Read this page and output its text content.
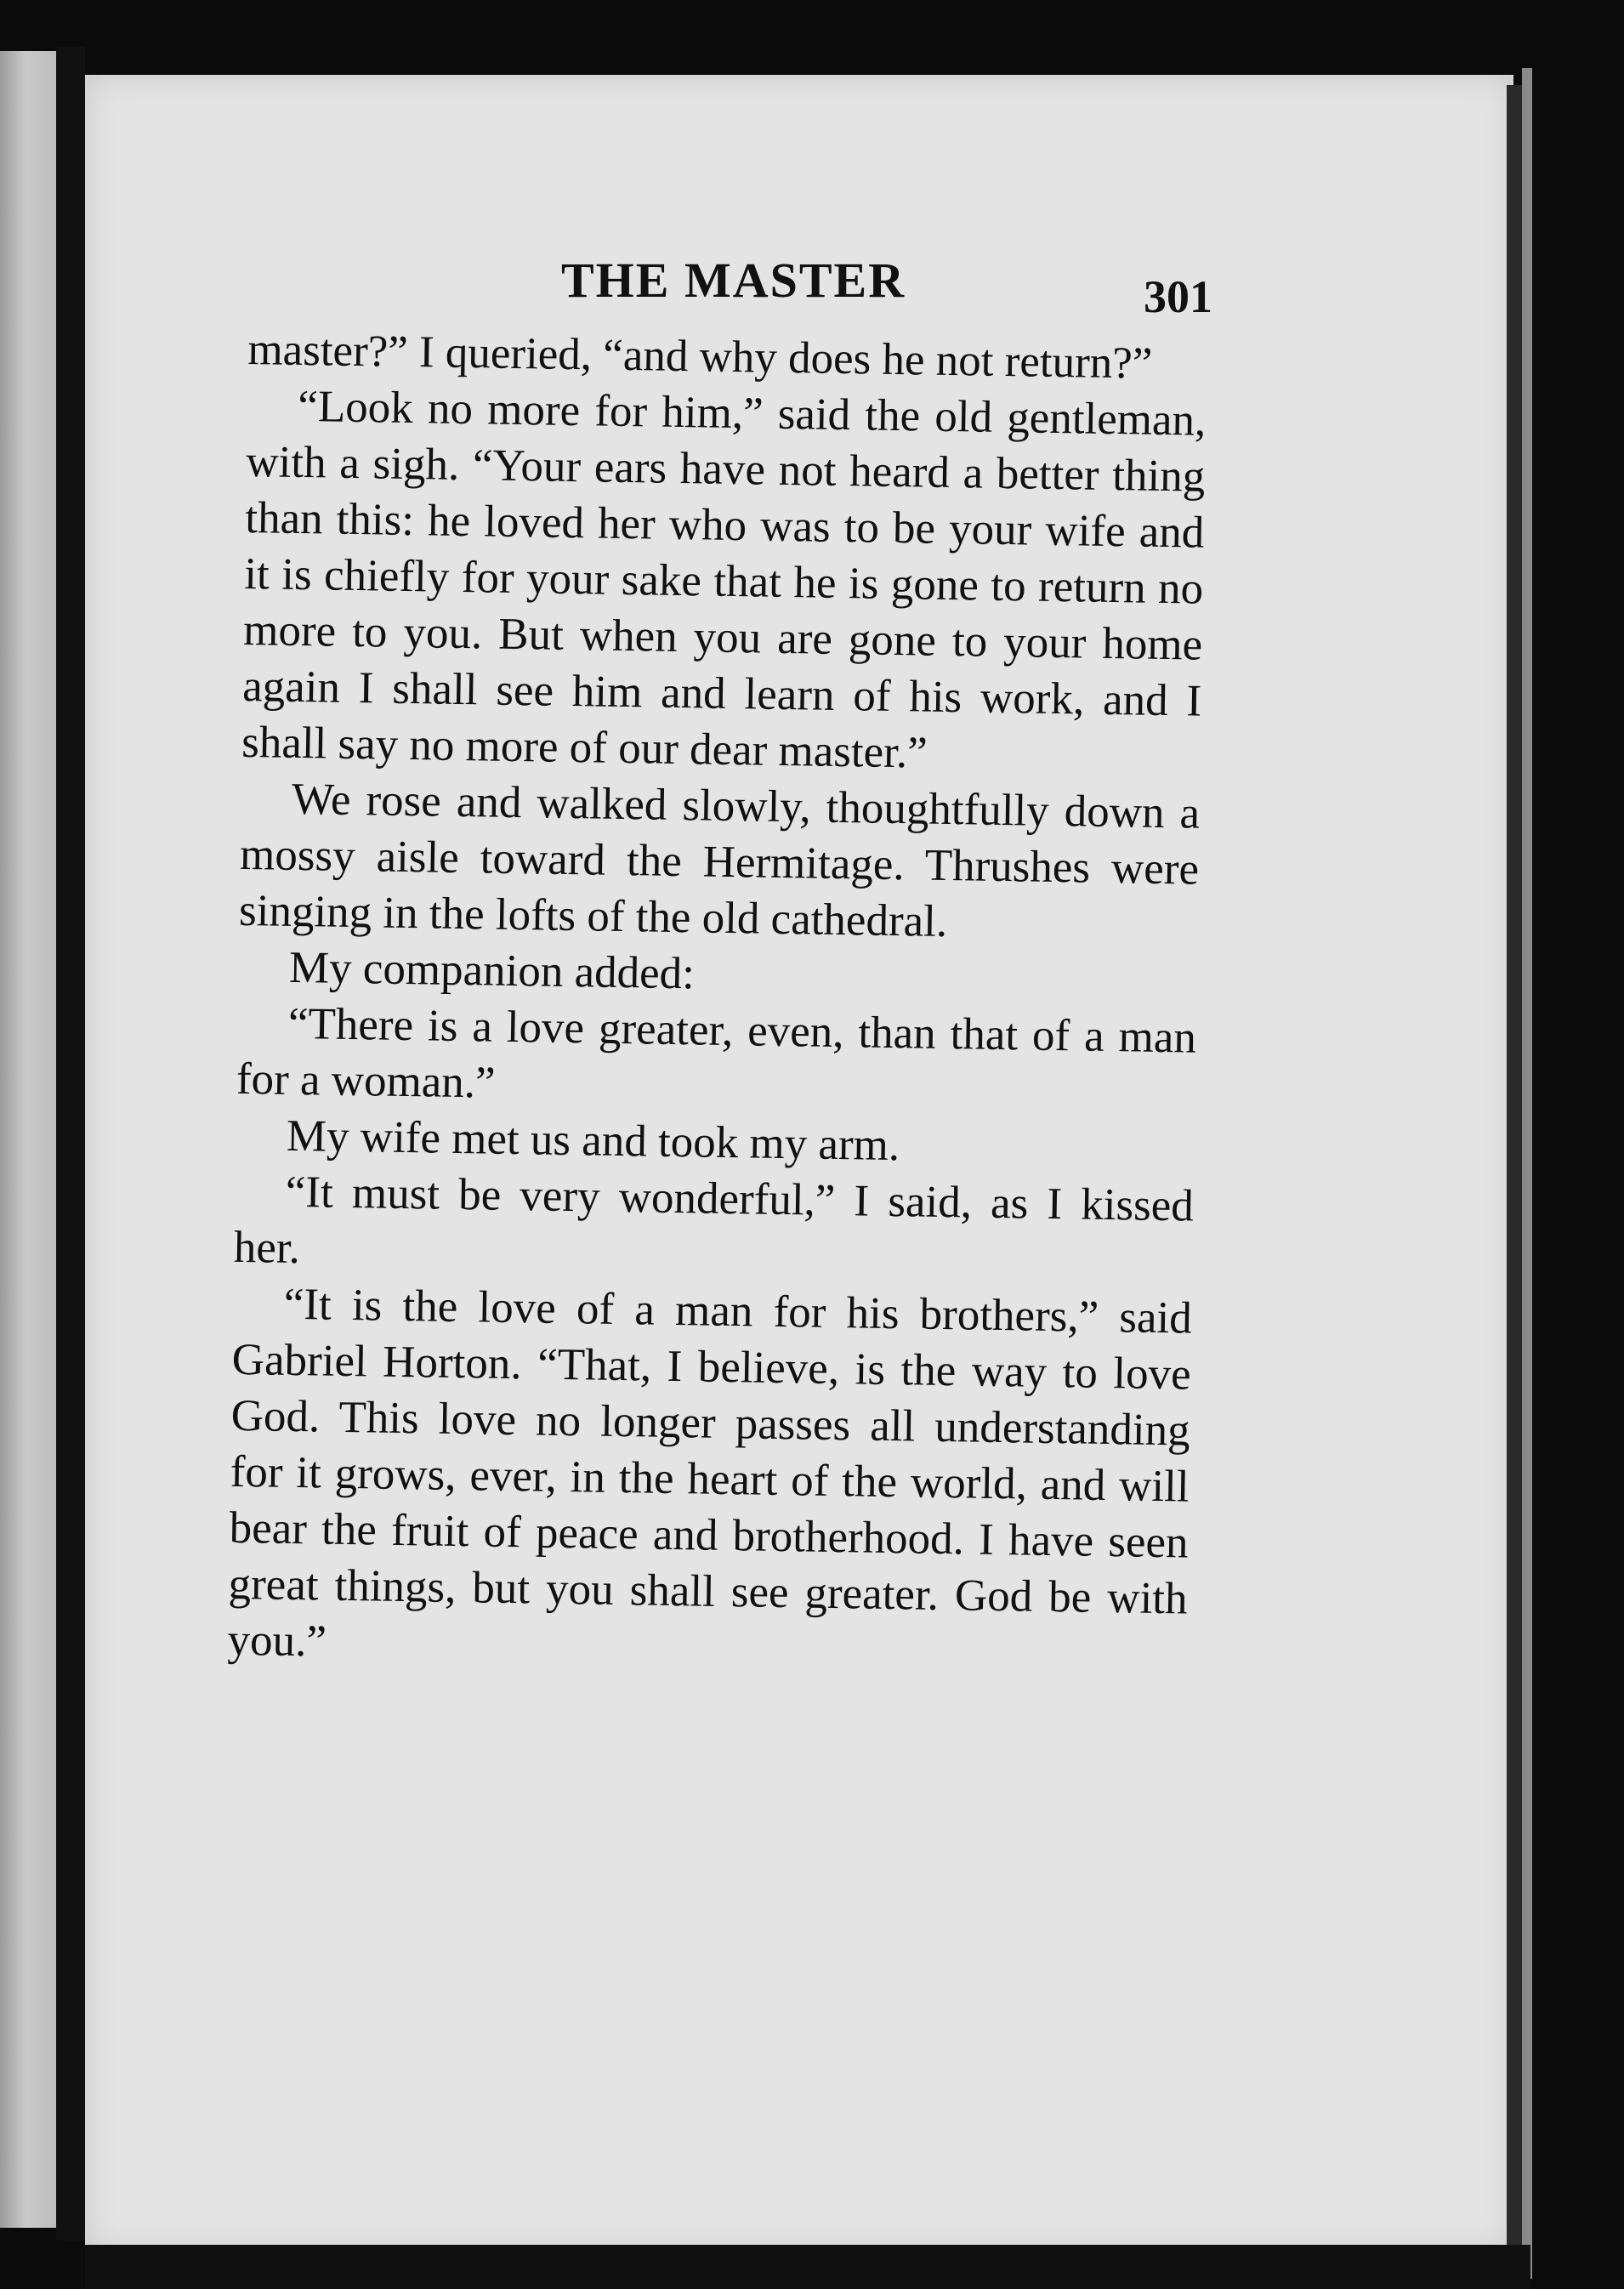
THE MASTER	301

master?” I queried, “and why does he not return?”

“Look no more for him,” said the old gentleman, with a sigh. “Your ears have not heard a better thing than this: he loved her who was to be your wife and it is chiefly for your sake that he is gone to return no more to you. But when you are gone to your home again I shall see him and learn of his work, and I shall say no more of our dear master.”

We rose and walked slowly, thoughtfully down a mossy aisle toward the Hermitage. Thrushes were singing in the lofts of the old cathedral.

My companion added:

“There is a love greater, even, than that of a man for a woman.”

My wife met us and took my arm.

“It must be very wonderful,” I said, as I kissed her.

“It is the love of a man for his brothers,” said Gabriel Horton. “That, I believe, is the way to love God. This love no longer passes all understanding for it grows, ever, in the heart of the world, and will bear the fruit of peace and brotherhood. I have seen great things, but you shall see greater. God be with you.”
